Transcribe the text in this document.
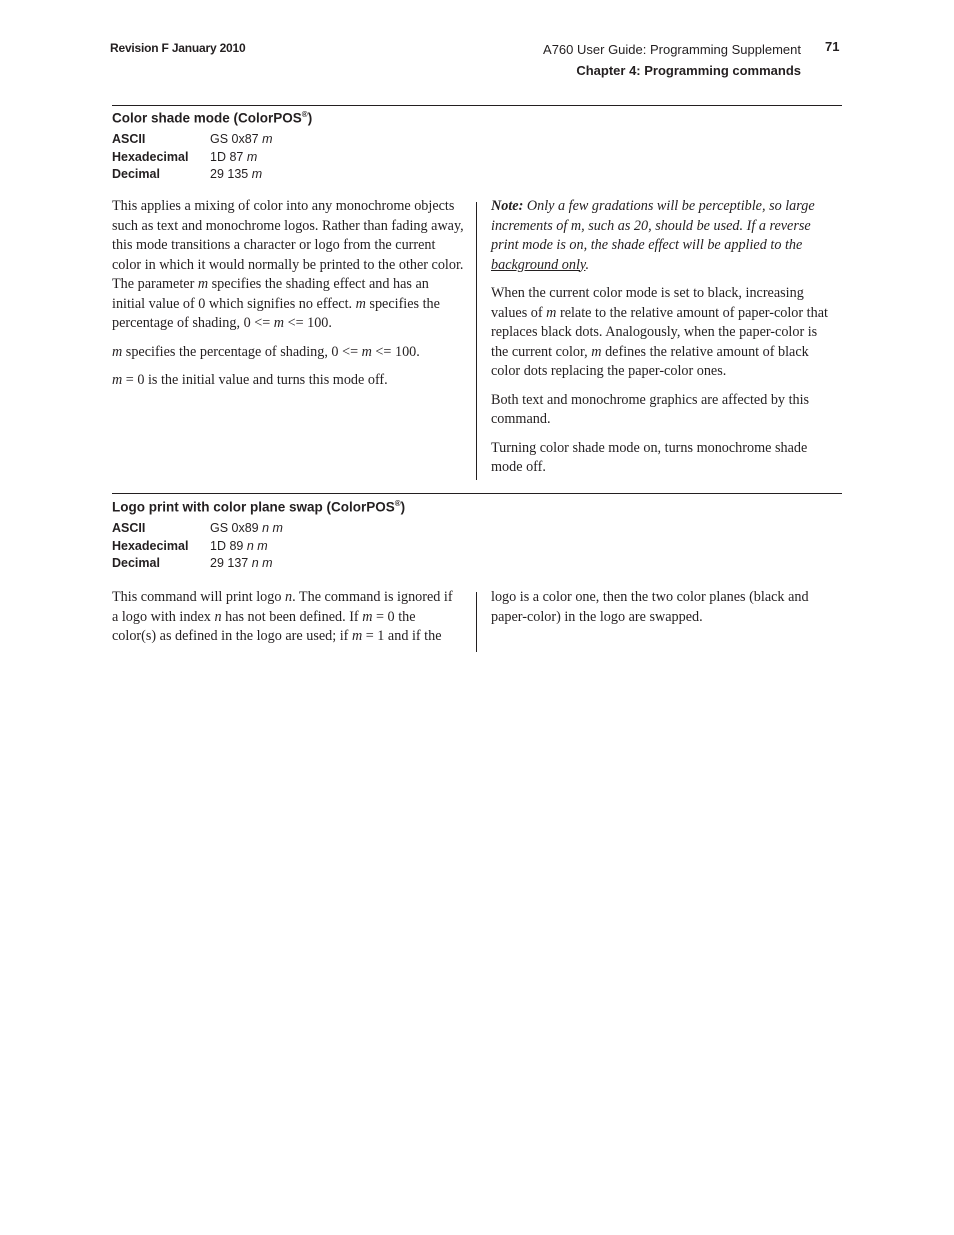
Revision F January 2010	A760 User Guide: Programming Supplement
Chapter 4: Programming commands
71
Color shade mode (ColorPOS®)
ASCII	GS 0x87 m
Hexadecimal 1D 87 m
Decimal	29 135 m

This applies a mixing of color into any monochrome objects such as text and monochrome logos. Rather than fading away, this mode transitions a character or logo from the current color in which it would normally be printed to the other color. The parameter m specifies the shading effect and has an initial value of 0 which signifies no effect. m specifies the percentage of shading, 0 <= m <= 100.

m specifies the percentage of shading, 0 <= m <= 100.

m = 0 is the initial value and turns this mode off.

Note: Only a few gradations will be perceptible, so large increments of m, such as 20, should be used. If a reverse print mode is on, the shade effect will be applied to the background only.

When the current color mode is set to black, increasing values of m relate to the relative amount of paper-color that replaces black dots. Analogously, when the paper-color is the current color, m defines the relative amount of black color dots replacing the paper-color ones.

Both text and monochrome graphics are affected by this command.

Turning color shade mode on, turns monochrome shade mode off.

Logo print with color plane swap (ColorPOS®)
ASCII	GS 0x89 n m
Hexadecimal 1D 89 n m
Decimal	29 137 n m

This command will print logo n. The command is ignored if a logo with index n has not been defined. If m = 0 the color(s) as defined in the logo are used; if m = 1 and if the

logo is a color one, then the two color planes (black and paper-color) in the logo are swapped.
